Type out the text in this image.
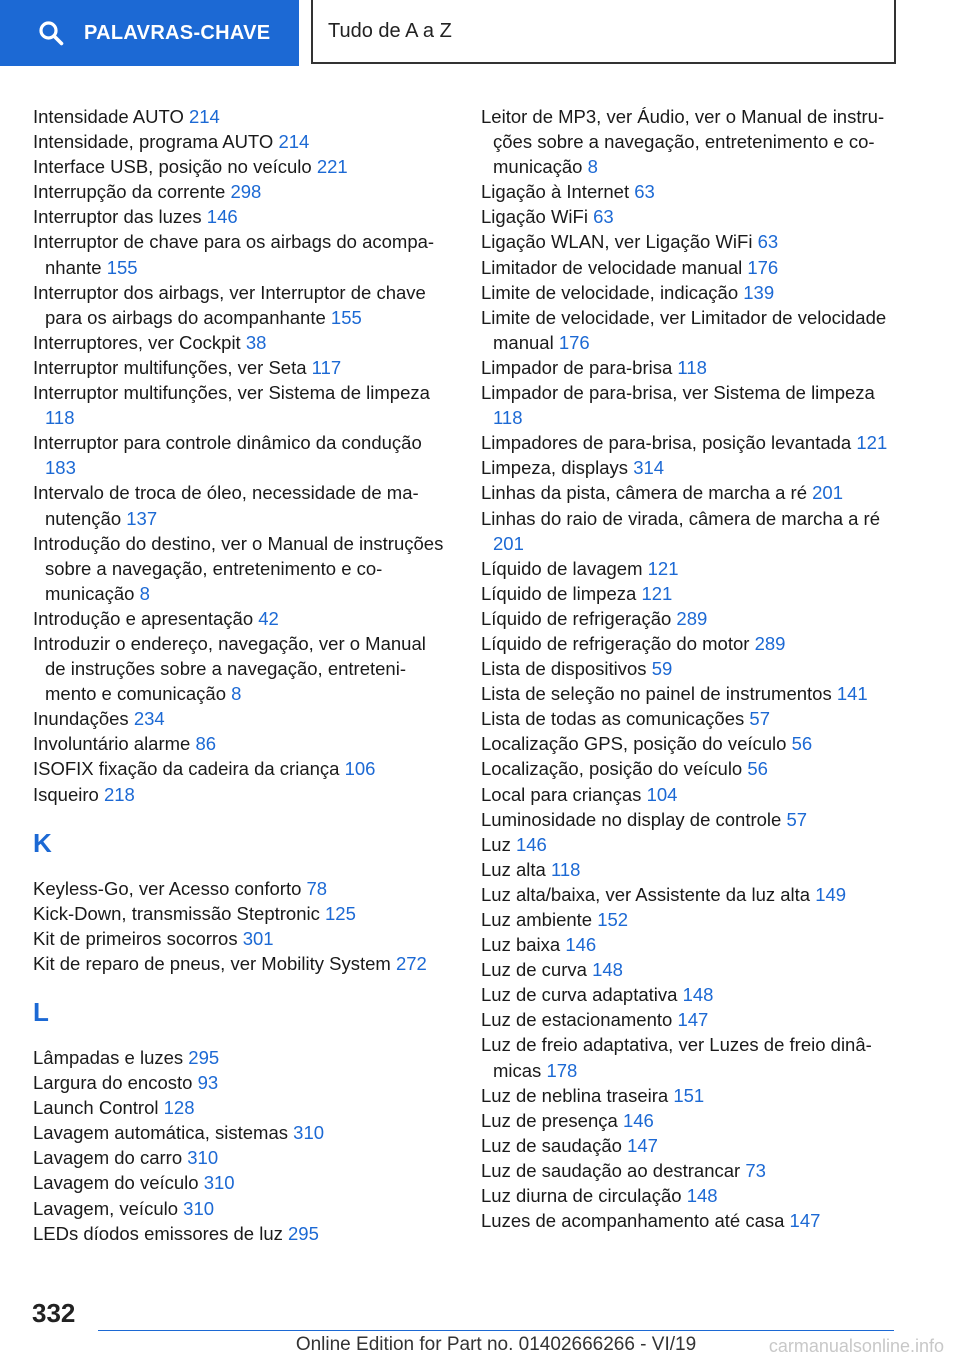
PALAVRAS-CHAVE	Tudo de A a Z
Intensidade AUTO 214
Intensidade, programa AUTO 214
Interface USB, posição no veículo 221
Interrupção da corrente 298
Interruptor das luzes 146
Interruptor de chave para os airbags do acompanhante 155
Interruptor dos airbags, ver Interruptor de chave para os airbags do acompanhante 155
Interruptores, ver Cockpit 38
Interruptor multifunções, ver Seta 117
Interruptor multifunções, ver Sistema de limpeza 118
Interruptor para controle dinâmico da condução 183
Intervalo de troca de óleo, necessidade de manutenção 137
Introdução do destino, ver o Manual de instruções sobre a navegação, entretenimento e comunicação 8
Introdução e apresentação 42
Introduzir o endereço, navegação, ver o Manual de instruções sobre a navegação, entretenimento e comunicação 8
Inundações 234
Involuntário alarme 86
ISOFIX fixação da cadeira da criança 106
Isqueiro 218
K
Keyless-Go, ver Acesso conforto 78
Kick-Down, transmissão Steptronic 125
Kit de primeiros socorros 301
Kit de reparo de pneus, ver Mobility System 272
L
Lâmpadas e luzes 295
Largura do encosto 93
Launch Control 128
Lavagem automática, sistemas 310
Lavagem do carro 310
Lavagem do veículo 310
Lavagem, veículo 310
LEDs díodos emissores de luz 295
Leitor de MP3, ver Áudio, ver o Manual de instruções sobre a navegação, entretenimento e comunicação 8
Ligação à Internet 63
Ligação WiFi 63
Ligação WLAN, ver Ligação WiFi 63
Limitador de velocidade manual 176
Limite de velocidade, indicação 139
Limite de velocidade, ver Limitador de velocidade manual 176
Limpador de para-brisa 118
Limpador de para-brisa, ver Sistema de limpeza 118
Limpadores de para-brisa, posição levantada 121
Limpeza, displays 314
Linhas da pista, câmera de marcha a ré 201
Linhas do raio de virada, câmera de marcha a ré 201
Líquido de lavagem 121
Líquido de limpeza 121
Líquido de refrigeração 289
Líquido de refrigeração do motor 289
Lista de dispositivos 59
Lista de seleção no painel de instrumentos 141
Lista de todas as comunicações 57
Localização GPS, posição do veículo 56
Localização, posição do veículo 56
Local para crianças 104
Luminosidade no display de controle 57
Luz 146
Luz alta 118
Luz alta/baixa, ver Assistente da luz alta 149
Luz ambiente 152
Luz baixa 146
Luz de curva 148
Luz de curva adaptativa 148
Luz de estacionamento 147
Luz de freio adaptativa, ver Luzes de freio dinâmicas 178
Luz de neblina traseira 151
Luz de presença 146
Luz de saudação 147
Luz de saudação ao destrancar 73
Luz diurna de circulação 148
Luzes de acompanhamento até casa 147
332
Online Edition for Part no. 01402666266 - VI/19	carmanualsonline.info
